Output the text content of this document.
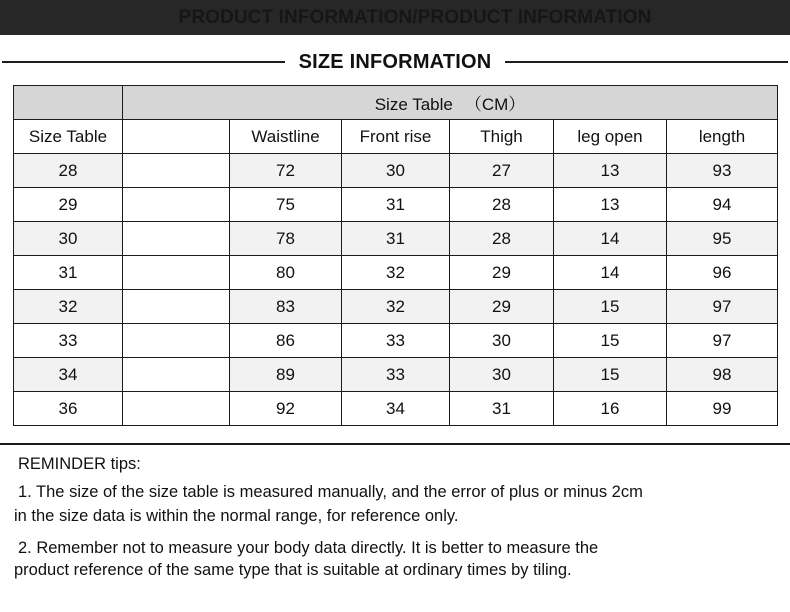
PRODUCT INFORMATION/PRODUCT INFORMATION
SIZE INFORMATION
	Size Table （CM）					
Size Table		Waistline	Front rise	Thigh	leg open	length
28		72	30	27	13	93
29		75	31	28	13	94
30		78	31	28	14	95
31		80	32	29	14	96
32		83	32	29	15	97
33		86	33	30	15	97
34		89	33	30	15	98
36		92	34	31	16	99

REMINDER tips:

1. The size of the size table is measured manually, and the error of plus or minus 2cm

in the size data is within the normal range, for reference only.

2. Remember not to measure your body data directly. It is better to measure the

product reference of the same type that is suitable at ordinary times by tiling.
